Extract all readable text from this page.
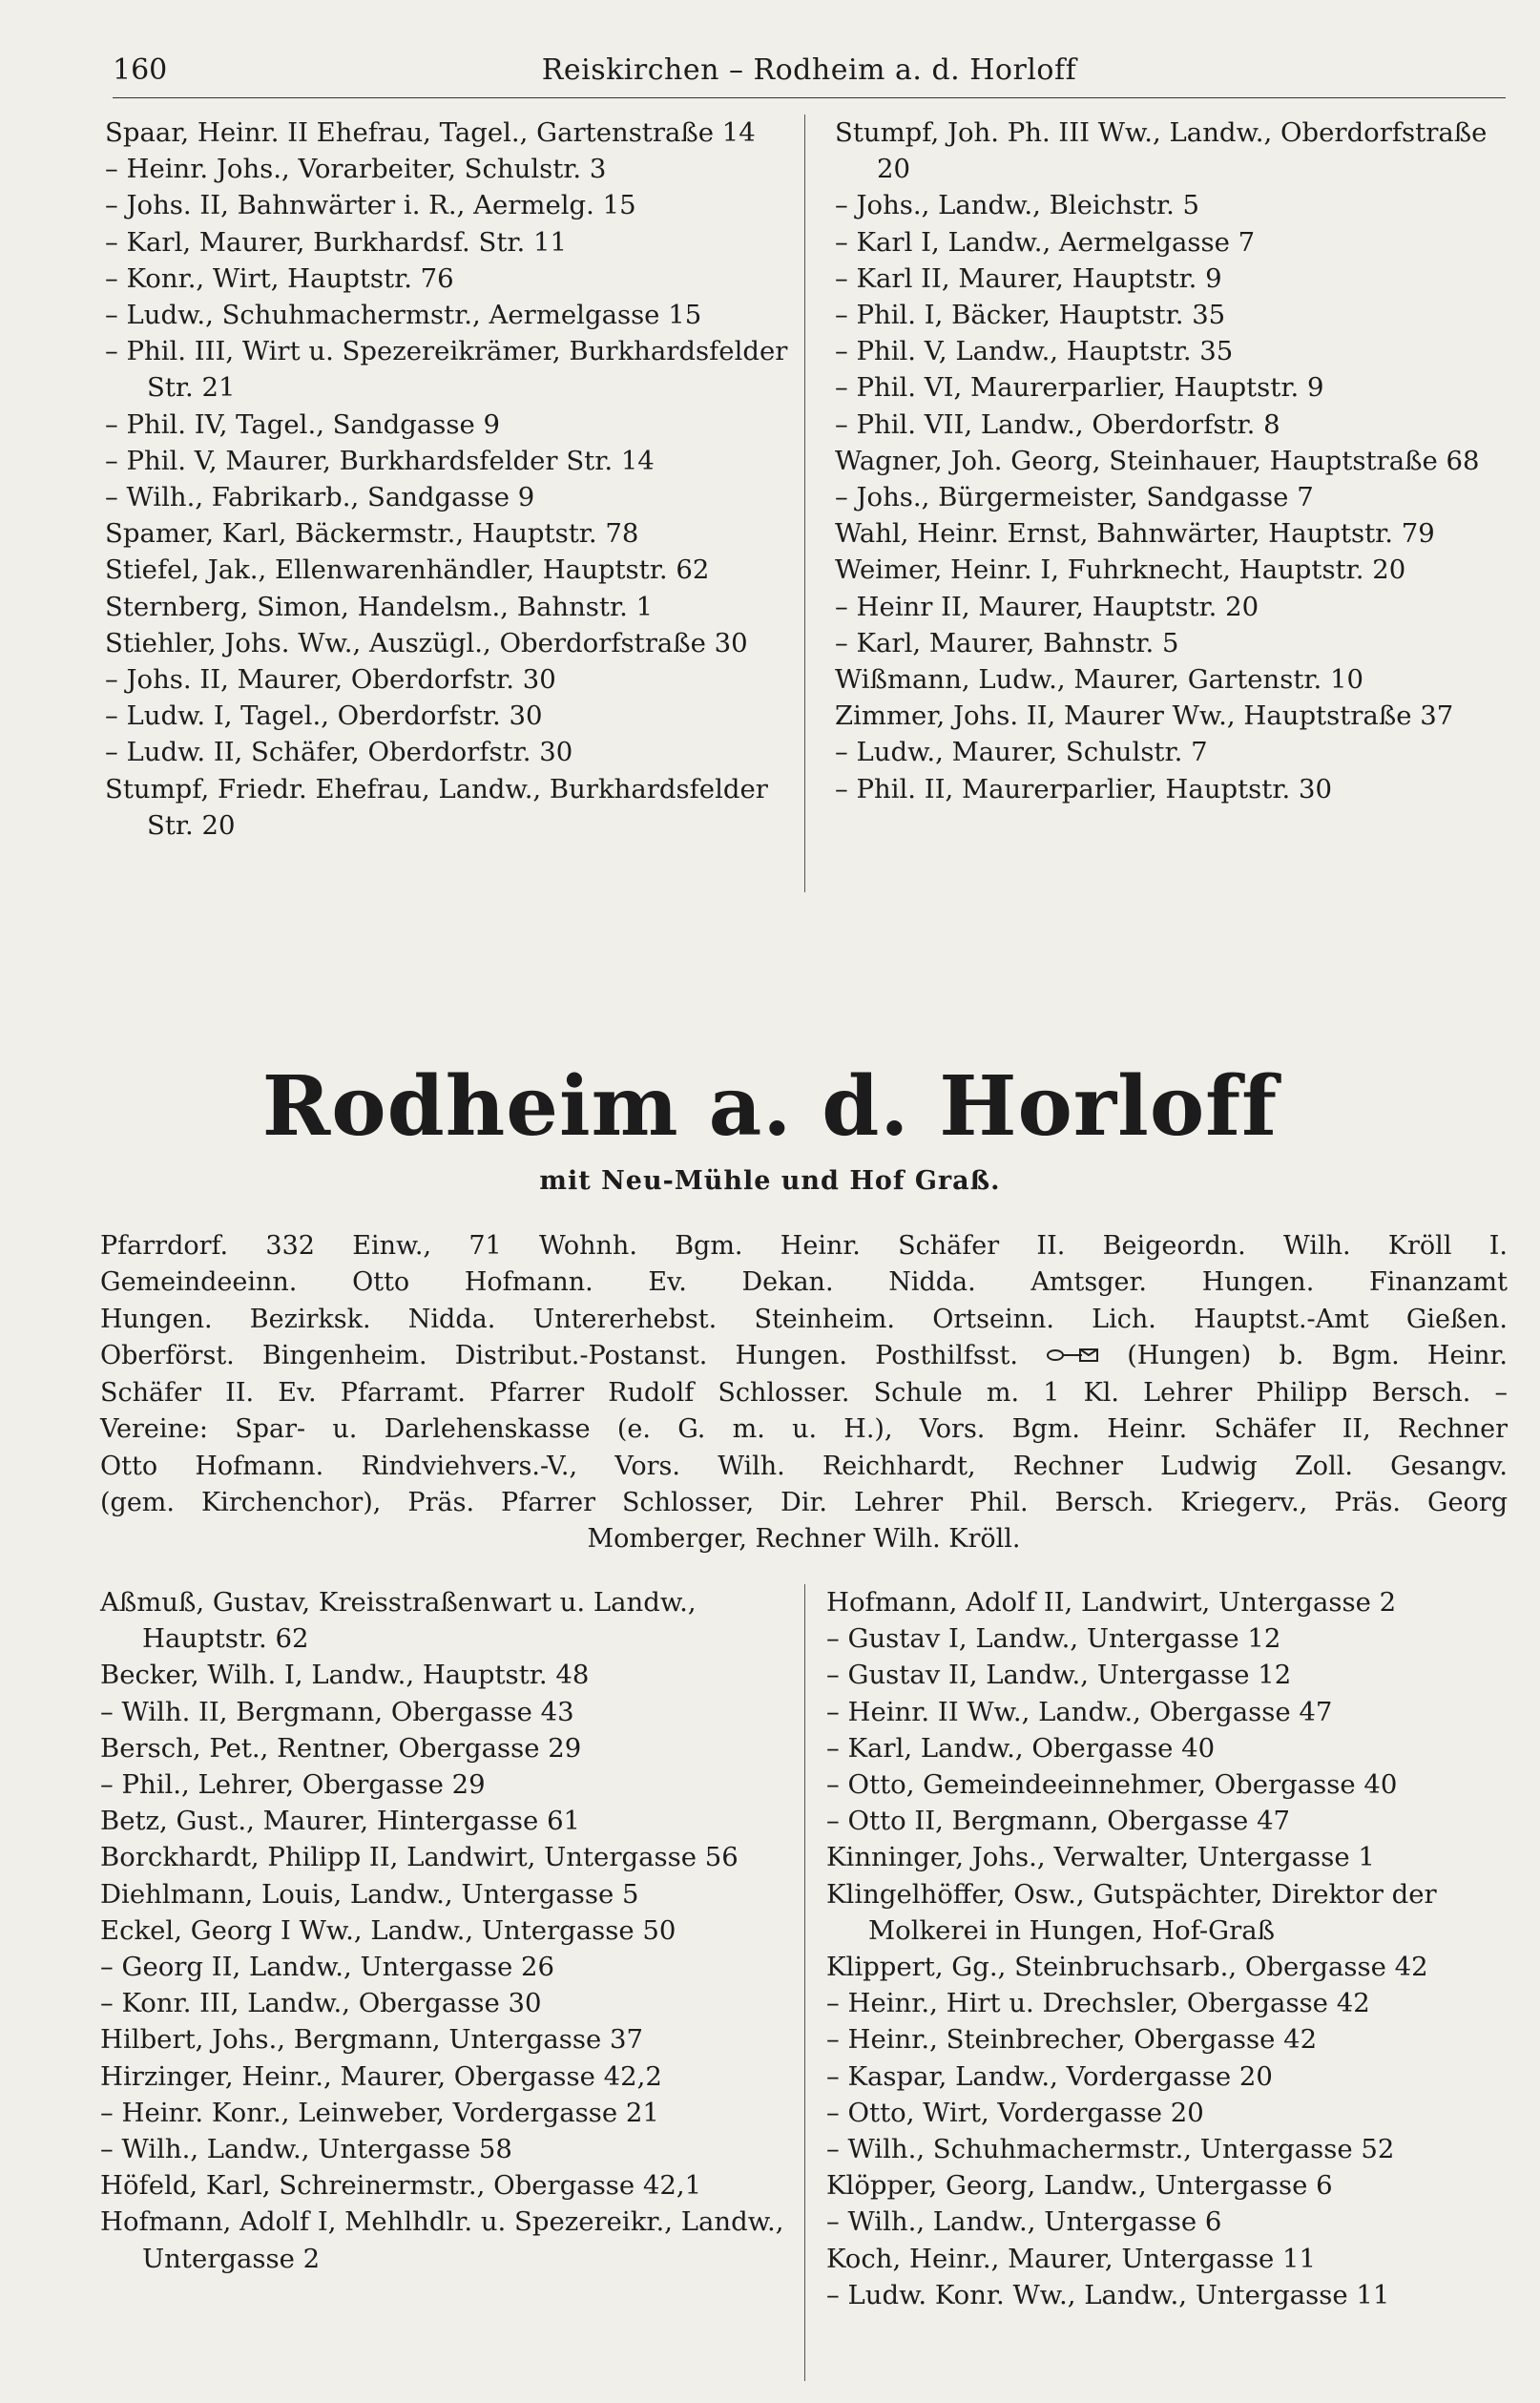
160	Reiskirchen – Rodheim a. d. Horloff
Spaar, Heinr. II Ehefrau, Tagel., Gartenstraße 14
– Heinr. Johs., Vorarbeiter, Schulstr. 3
– Johs. II, Bahnwärter i. R., Aermelg. 15
– Karl, Maurer, Burkhardsf. Str. 11
– Konr., Wirt, Hauptstr. 76
– Ludw., Schuhmachermstr., Aermelgasse 15
– Phil. III, Wirt u. Spezereikrämer, Burkhardsfelder Str. 21
– Phil. IV, Tagel., Sandgasse 9
– Phil. V, Maurer, Burkhardsfelder Str. 14
– Wilh., Fabrikarb., Sandgasse 9
Spamer, Karl, Bäckermstr., Hauptstr. 78
Stiefel, Jak., Ellenwarenhändler, Hauptstr. 62
Sternberg, Simon, Handelsm., Bahnstr. 1
Stiehler, Johs. Ww., Auszügl., Oberdorfstraße 30
– Johs. II, Maurer, Oberdorfstr. 30
– Ludw. I, Tagel., Oberdorfstr. 30
– Ludw. II, Schäfer, Oberdorfstr. 30
Stumpf, Friedr. Ehefrau, Landw., Burkhardsfelder Str. 20
Stumpf, Joh. Ph. III Ww., Landw., Oberdorfstraße 20
– Johs., Landw., Bleichstr. 5
– Karl I, Landw., Aermelgasse 7
– Karl II, Maurer, Hauptstr. 9
– Phil. I, Bäcker, Hauptstr. 35
– Phil. V, Landw., Hauptstr. 35
– Phil. VI, Maurerparlier, Hauptstr. 9
– Phil. VII, Landw., Oberdorfstr. 8
Wagner, Joh. Georg, Steinhauer, Hauptstraße 68
– Johs., Bürgermeister, Sandgasse 7
Wahl, Heinr. Ernst, Bahnwärter, Hauptstr. 79
Weimer, Heinr. I, Fuhrknecht, Hauptstr. 20
– Heinr II, Maurer, Hauptstr. 20
– Karl, Maurer, Bahnstr. 5
Wißmann, Ludw., Maurer, Gartenstr. 10
Zimmer, Johs. II, Maurer Ww., Hauptstraße 37
– Ludw., Maurer, Schulstr. 7
– Phil. II, Maurerparlier, Hauptstr. 30
Rodheim a. d. Horloff
mit Neu-Mühle und Hof Graß.
Pfarrdorf. 332 Einw., 71 Wohnh. Bgm. Heinr. Schäfer II. Beigeordn. Wilh. Kröll I.
Gemeindeeinn. Otto Hofmann. Ev. Dekan. Nidda. Amtsger. Hungen. Finanzamt
Hungen. Bezirksk. Nidda. Untererhebst. Steinheim. Ortseinn. Lich. Hauptst.-Amt Gießen.
Oberförst. Bingenheim. Distribut.-Postanst. Hungen. Posthilfsst.	(Hungen) b. Bgm. Heinr.
Schäfer II. Ev. Pfarramt. Pfarrer Rudolf Schlosser. Schule m. 1 Kl. Lehrer Philipp Bersch. –
Vereine: Spar- u. Darlehenskasse (e. G. m. u. H.), Vors. Bgm. Heinr. Schäfer II, Rechner
Otto Hofmann. Rindviehvers.-V., Vors. Wilh. Reichhardt, Rechner Ludwig Zoll. Gesangv.
(gem. Kirchenchor), Präs. Pfarrer Schlosser, Dir. Lehrer Phil. Bersch. Kriegerv., Präs. Georg
Momberger, Rechner Wilh. Kröll.
Aßmuß, Gustav, Kreisstraßenwart u. Landw., Hauptstr. 62
Becker, Wilh. I, Landw., Hauptstr. 48
– Wilh. II, Bergmann, Obergasse 43
Bersch, Pet., Rentner, Obergasse 29
– Phil., Lehrer, Obergasse 29
Betz, Gust., Maurer, Hintergasse 61
Borckhardt, Philipp II, Landwirt, Untergasse 56
Diehlmann, Louis, Landw., Untergasse 5
Eckel, Georg I Ww., Landw., Untergasse 50
– Georg II, Landw., Untergasse 26
– Konr. III, Landw., Obergasse 30
Hilbert, Johs., Bergmann, Untergasse 37
Hirzinger, Heinr., Maurer, Obergasse 42,2
– Heinr. Konr., Leinweber, Vordergasse 21
– Wilh., Landw., Untergasse 58
Höfeld, Karl, Schreinermstr., Obergasse 42,1
Hofmann, Adolf I, Mehlhdlr. u. Spezereikr., Landw., Untergasse 2
Hofmann, Adolf II, Landwirt, Untergasse 2
– Gustav I, Landw., Untergasse 12
– Gustav II, Landw., Untergasse 12
– Heinr. II Ww., Landw., Obergasse 47
– Karl, Landw., Obergasse 40
– Otto, Gemeindeeinnehmer, Obergasse 40
– Otto II, Bergmann, Obergasse 47
Kinninger, Johs., Verwalter, Untergasse 1
Klingelhöffer, Osw., Gutspächter, Direktor der Molkerei in Hungen, Hof-Graß
Klippert, Gg., Steinbruchsarb., Obergasse 42
– Heinr., Hirt u. Drechsler, Obergasse 42
– Heinr., Steinbrecher, Obergasse 42
– Kaspar, Landw., Vordergasse 20
– Otto, Wirt, Vordergasse 20
– Wilh., Schuhmachermstr., Untergasse 52
Klöpper, Georg, Landw., Untergasse 6
– Wilh., Landw., Untergasse 6
Koch, Heinr., Maurer, Untergasse 11
– Ludw. Konr. Ww., Landw., Untergasse 11
